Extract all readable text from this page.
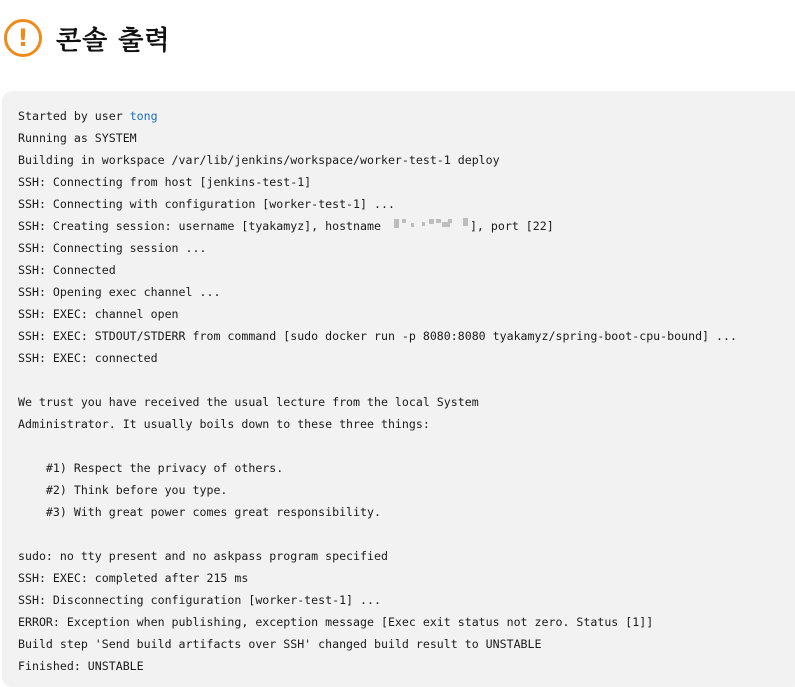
!	콘솔 출력
Started by user tong
Running as SYSTEM
Building in workspace /var/lib/jenkins/workspace/worker-test-1 deploy
SSH: Connecting from host [jenkins-test-1]
SSH: Connecting with configuration [worker-test-1] ...
SSH: Creating session: username [tyakamyz], hostname	], port [22]
SSH: Connecting session ...
SSH: Connected
SSH: Opening exec channel ...
SSH: EXEC: channel open
SSH: EXEC: STDOUT/STDERR from command [sudo docker run -p 8080:8080 tyakamyz/spring-boot-cpu-bound] ...
SSH: EXEC: connected
We trust you have received the usual lecture from the local System
Administrator. It usually boils down to these three things:
#1) Respect the privacy of others.
#2) Think before you type.
#3) With great power comes great responsibility.
sudo: no tty present and no askpass program specified
SSH: EXEC: completed after 215 ms
SSH: Disconnecting configuration [worker-test-1] ...
ERROR: Exception when publishing, exception message [Exec exit status not zero. Status [1]]
Build step 'Send build artifacts over SSH' changed build result to UNSTABLE
Finished: UNSTABLE
